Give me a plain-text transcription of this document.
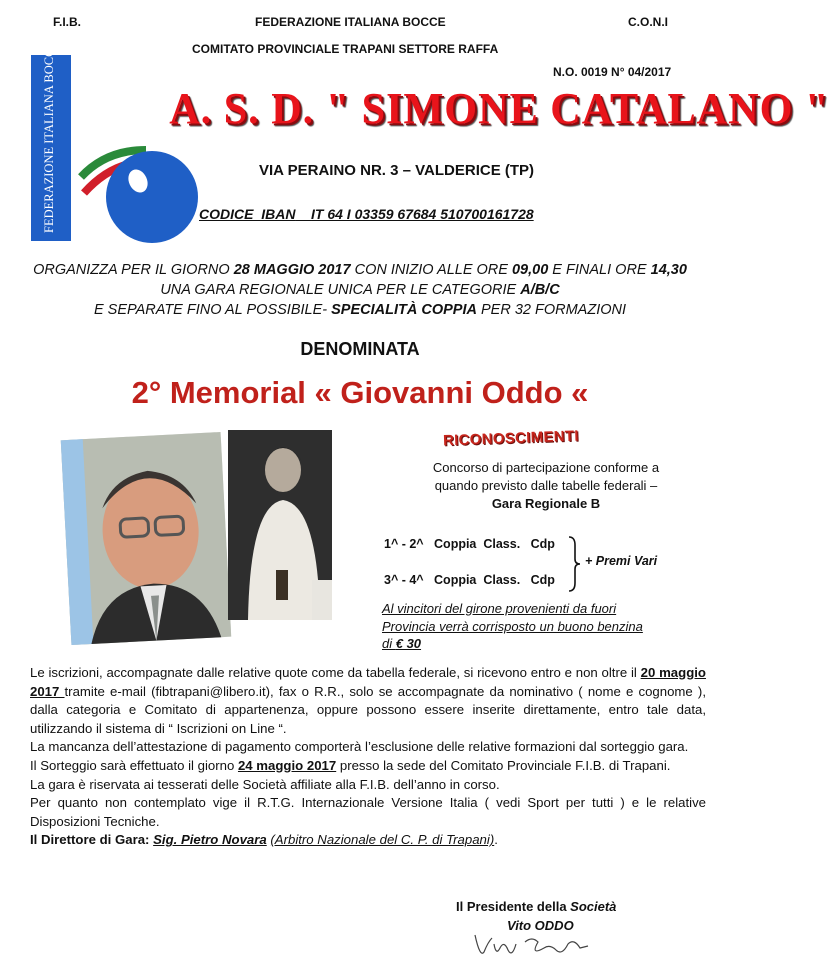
F.I.B.	FEDERAZIONE ITALIANA BOCCE	C.O.N.I
COMITATO PROVINCIALE TRAPANI SETTORE RAFFA
N.O. 0019 N° 04/2017
FEDERAZIONE ITALIANA BOCCE	A. S. D. " SIMONE CATALANO "
VIA PERAINO NR. 3 – VALDERICE (TP)
CODICE  IBAN IT 64 I 03359 67684 510700161728
ORGANIZZA PER IL GIORNO 28 MAGGIO 2017 CON INIZIO ALLE ORE 09,00 E FINALI ORE 14,30
UNA GARA REGIONALE UNICA PER LE CATEGORIE A/B/C
E SEPARATE FINO AL POSSIBILE- SPECIALITÀ COPPIA PER 32 FORMAZIONI
DENOMINATA
2° Memorial « Giovanni Oddo «
RICONOSCIMENTI
Concorso di partecipazione conforme a
quando previsto dalle tabelle federali –
Gara Regionale B
1^ - 2^   Coppia  Class.   Cdp
3^ - 4^   Coppia  Class.   Cdp
+ Premi Vari
Al vincitori del girone provenienti da fuori
Provincia verrà corrisposto un buono benzina
di € 30

Le iscrizioni, accompagnate dalle relative quote come da tabella federale, si ricevono entro e non oltre il 20 maggio 2017 tramite e-mail (fibtrapani@libero.it), fax o R.R., solo se accompagnate da nominativo ( nome e cognome ), dalla categoria e Comitato di appartenenza, oppure possono essere inserite direttamente, entro tale data, utilizzando il sistema di “ Iscrizioni on Line “.

La mancanza dell’attestazione di pagamento comporterà l’esclusione delle relative formazioni dal sorteggio gara.

Il Sorteggio sarà effettuato il giorno 24 maggio 2017 presso la sede del Comitato Provinciale F.I.B. di Trapani.

La gara è riservata ai tesserati delle Società affiliate alla F.I.B. dell’anno in corso.

Per quanto non contemplato vige il R.T.G. Internazionale Versione Italia ( vedi Sport per tutti ) e le relative Disposizioni Tecniche.

Il Direttore di Gara: Sig. Pietro Novara (Arbitro Nazionale del C. P. di Trapani).

Il Presidente della Società
Vito ODDO
